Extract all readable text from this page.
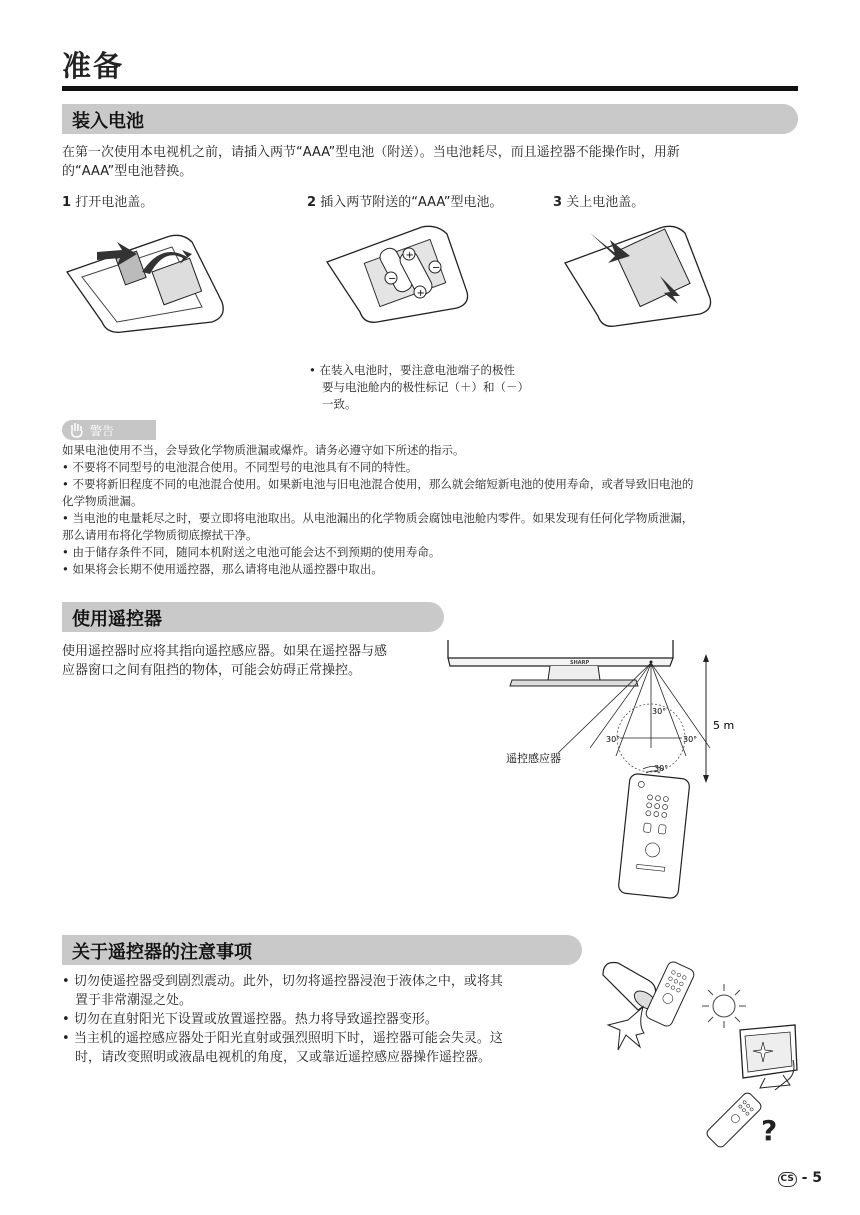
准备
装入电池
在第一次使用本电视机之前，请插入两节“AAA”型电池（附送）。当电池耗尽，而且遥控器不能操作时，用新
的“AAA”型电池替换。
1 打开电池盖。	2 插入两节附送的“AAA”型电池。	3 关上电池盖。
+
−
−
+
• 在装入电池时，要注意电池端子的极性
要与电池舱内的极性标记（＋）和（－）
一致。
警告
如果电池使用不当，会导致化学物质泄漏或爆炸。请务必遵守如下所述的指示。
• 不要将不同型号的电池混合使用。不同型号的电池具有不同的特性。
• 不要将新旧程度不同的电池混合使用。如果新电池与旧电池混合使用，那么就会缩短新电池的使用寿命，或者导致旧电池的
化学物质泄漏。
• 当电池的电量耗尽之时，要立即将电池取出。从电池漏出的化学物质会腐蚀电池舱内零件。如果发现有任何化学物质泄漏，
那么请用布将化学物质彻底擦拭干净。
• 由于储存条件不同，随同本机附送之电池可能会达不到预期的使用寿命。
• 如果将会长期不使用遥控器，那么请将电池从遥控器中取出。
使用遥控器
使用遥控器时应将其指向遥控感应器。如果在遥控器与感
应器窗口之间有阻挡的物体，可能会妨碍正常操控。	SHARP
5 m
30°
30°	30°
30°
遥控感应器
关于遥控器的注意事项
• 切勿使遥控器受到剧烈震动。此外，切勿将遥控器浸泡于液体之中，或将其
置于非常潮湿之处。
• 切勿在直射阳光下设置或放置遥控器。热力将导致遥控器变形。
• 当主机的遥控感应器处于阳光直射或强烈照明下时，遥控器可能会失灵。这
时，请改变照明或液晶电视机的角度，又或靠近遥控感应器操作遥控器。
?
CS - 5
